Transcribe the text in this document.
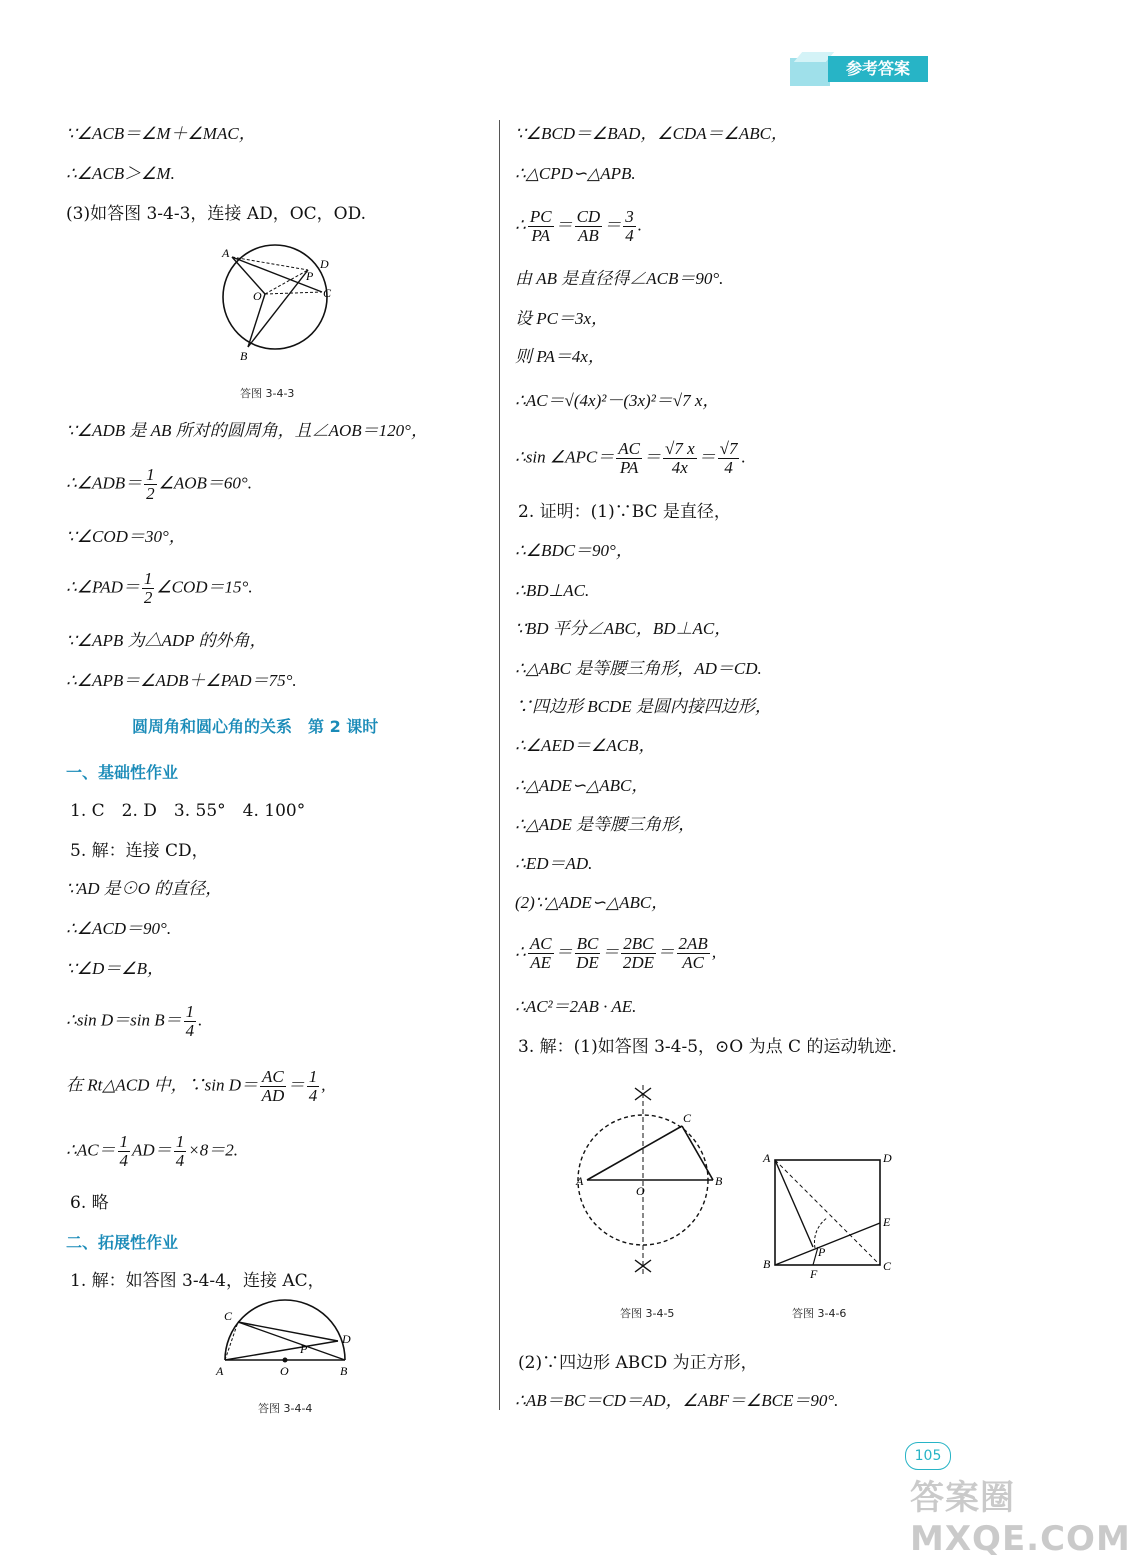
参考答案
∵∠ACB＝∠M＋∠MAC，
∴∠ACB＞∠M.
(3)如答图 3-4-3，连接 AD，OC，OD.
A
D
C
P
O
B
答图 3-4-3
∵∠ADB 是 AB 所对的圆周角，且∠AOB＝120°，
∴∠ADB＝ $\frac{1}{2}$ ∠AOB＝60°.
∵∠COD＝30°，
∴∠PAD＝ $\frac{1}{2}$ ∠COD＝15°.
∵∠APB 为△ADP 的外角，
∴∠APB＝∠ADB＋∠PAD＝75°.
圆周角和圆心角的关系　第 2 课时
一、基础性作业
1. C　2. D　3. 55°　4. 100°
5. 解：连接 CD，
∵AD 是⊙O 的直径，
∴∠ACD＝90°.
∵∠D＝∠B，
∴sin D＝sin $B= \frac{1}{4}$ .
在 Rt△ACD 中，∵sin $D= \frac{AC}{AD} = \frac{1}{4}$ ,
∴AC＝ $\frac{1}{4} AD= \frac{1}{4} \times 8=2$.
6. 略
二、拓展性作业
1. 解：如答图 3-4-4，连接 AC，
C
D
P
A	O	B
答图 3-4-4
∵∠BCD＝∠BAD，∠CDA＝∠ABC，
∴△CPD∽△APB.
∴ $\frac{PC}{PA} = \frac{CD}{AB} = \frac{3}{4}$ .
由 AB 是直径得∠ACB＝90°.
设 PC＝3x，
则 PA＝4x，
∴AC＝√(4x)²－(3x)²＝√7 x，
∴sin ∠APC＝ $\frac{AC}{PA} = \frac{√7 x}{4x} = \frac{√7}{4}$ .
2. 证明：(1)∵BC 是直径，
∴∠BDC＝90°，
∴BD⊥AC.
∵BD 平分∠ABC，BD⊥AC，
∴△ABC 是等腰三角形，AD＝CD.
∵四边形 BCDE 是圆内接四边形，
∴∠AED＝∠ACB，
∴△ADE∽△ABC，
∴△ADE 是等腰三角形，
∴ED＝AD.
(2)∵△ADE∽△ABC，
∴ $\frac{AC}{AE} = \frac{BC}{DE} = \frac{2BC}{2DE} = \frac{2AB}{AC}$ ,
∴AC²＝2AB · AE.
3. 解：(1)如答图 3-4-5，⊙O 为点 C 的运动轨迹.
C
A	B
O
A	D
E
P
B	C
F
答图 3-4-5	答图 3-4-6
(2)∵四边形 ABCD 为正方形，
∴AB＝BC＝CD＝AD，∠ABF＝∠BCE＝90°.
105
答案圈 MXQE.COM
